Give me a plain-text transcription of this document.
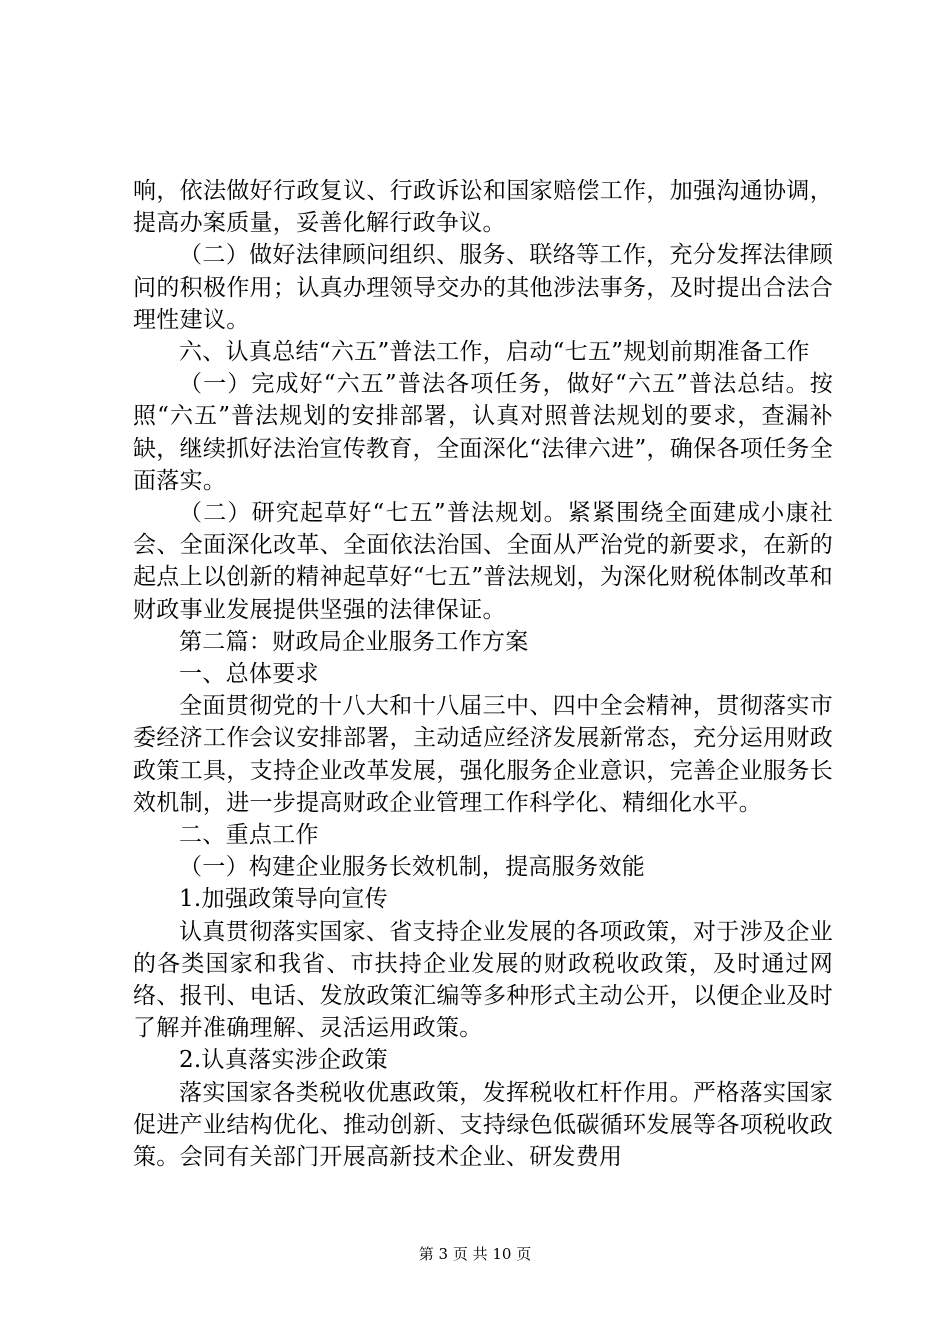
响，依法做好行政复议、行政诉讼和国家赔偿工作，加强沟通协调，提高办案质量，妥善化解行政争议。

（二）做好法律顾问组织、服务、联络等工作，充分发挥法律顾问的积极作用；认真办理领导交办的其他涉法事务，及时提出合法合理性建议。

六、认真总结“六五”普法工作，启动“七五”规划前期准备工作

（一）完成好“六五”普法各项任务，做好“六五”普法总结。按照“六五”普法规划的安排部署，认真对照普法规划的要求，查漏补缺，继续抓好法治宣传教育，全面深化“法律六进”，确保各项任务全面落实。

（二）研究起草好“七五”普法规划。紧紧围绕全面建成小康社会、全面深化改革、全面依法治国、全面从严治党的新要求，在新的起点上以创新的精神起草好“七五”普法规划，为深化财税体制改革和财政事业发展提供坚强的法律保证。

第二篇：财政局企业服务工作方案

一、总体要求

全面贯彻党的十八大和十八届三中、四中全会精神，贯彻落实市委经济工作会议安排部署，主动适应经济发展新常态，充分运用财政政策工具，支持企业改革发展，强化服务企业意识，完善企业服务长效机制，进一步提高财政企业管理工作科学化、精细化水平。

二、重点工作

（一）构建企业服务长效机制，提高服务效能

1.加强政策导向宣传

认真贯彻落实国家、省支持企业发展的各项政策，对于涉及企业的各类国家和我省、市扶持企业发展的财政税收政策，及时通过网络、报刊、电话、发放政策汇编等多种形式主动公开，以便企业及时了解并准确理解、灵活运用政策。

2.认真落实涉企政策

落实国家各类税收优惠政策，发挥税收杠杆作用。严格落实国家促进产业结构优化、推动创新、支持绿色低碳循环发展等各项税收政策。会同有关部门开展高新技术企业、研发费用

第 3 页 共 10 页
